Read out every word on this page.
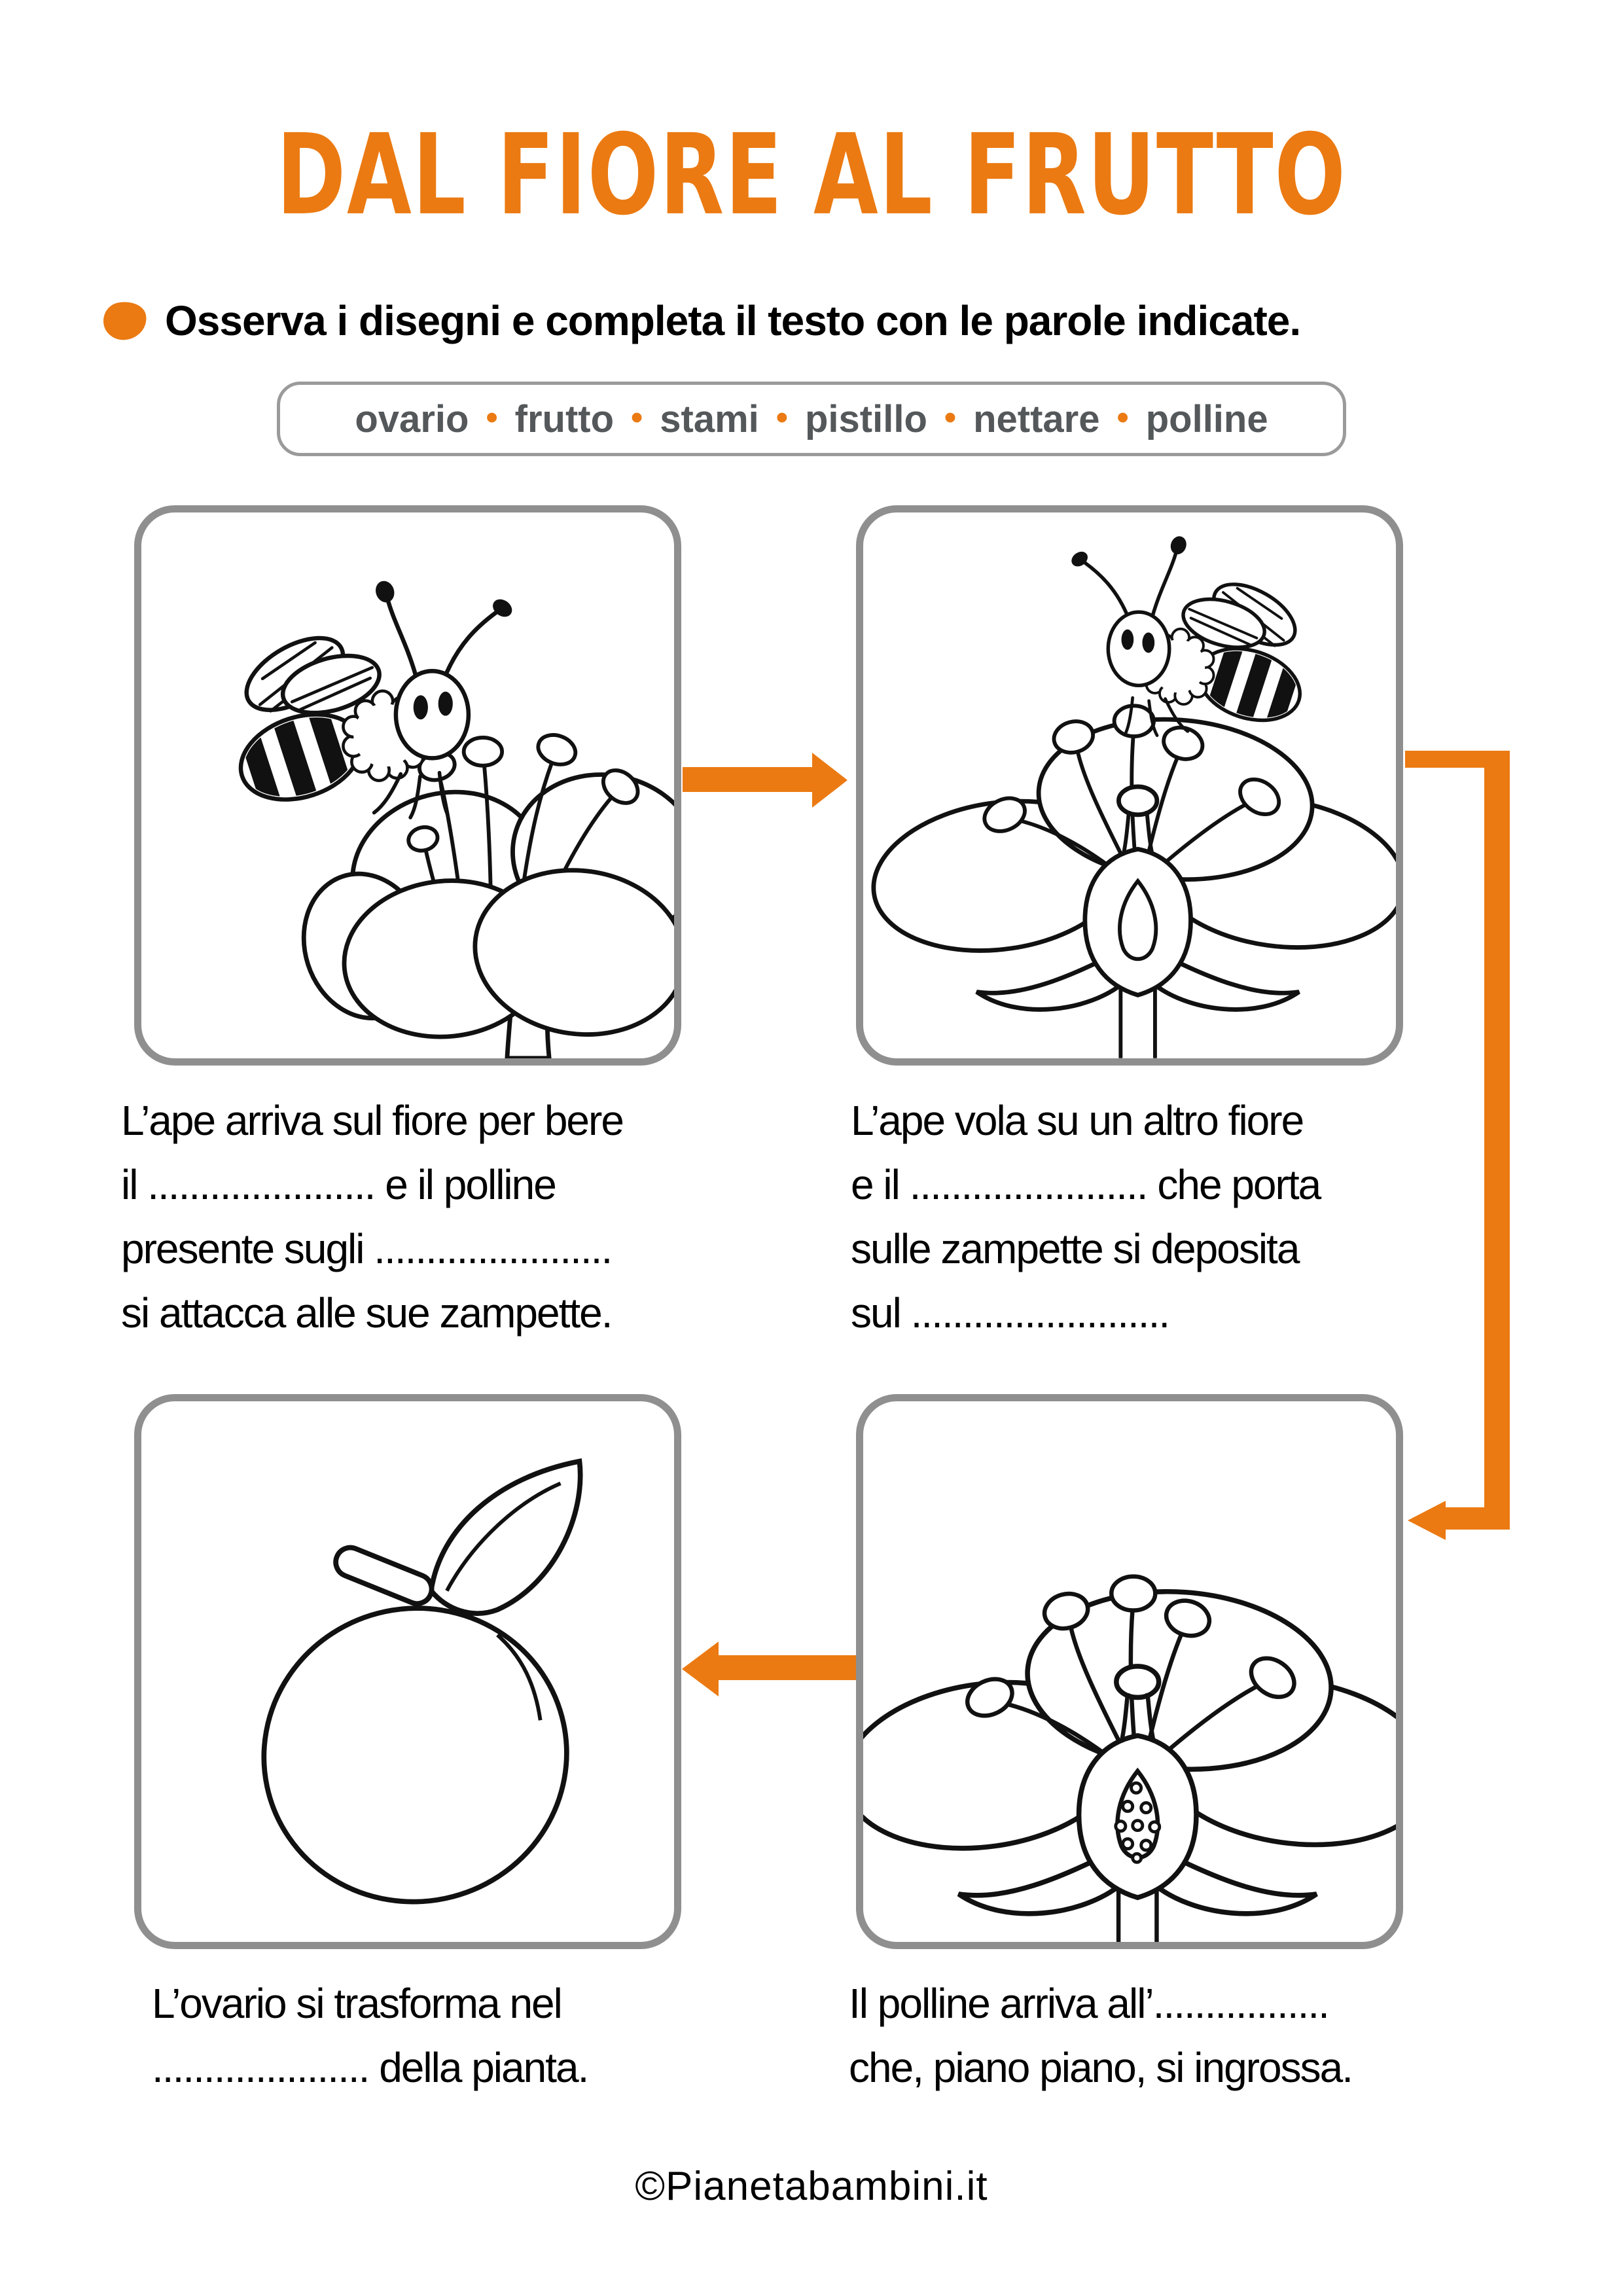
DAL FIORE AL FRUTTO
Osserva i disegni e completa il testo con le parole indicate.
ovario • frutto • stami • pistillo • nettare • polline
L’ape arriva sul fiore per bere
il ...................... e il polline
presente sugli .......................
si attacca alle sue zampette.
L’ape vola su un altro fiore
e il ....................... che porta
sulle zampette si deposita
sul .........................
L’ovario si trasforma nel
..................... della pianta.
Il polline arriva all’.................
che, piano piano, si ingrossa.
©Pianetabambini.it
